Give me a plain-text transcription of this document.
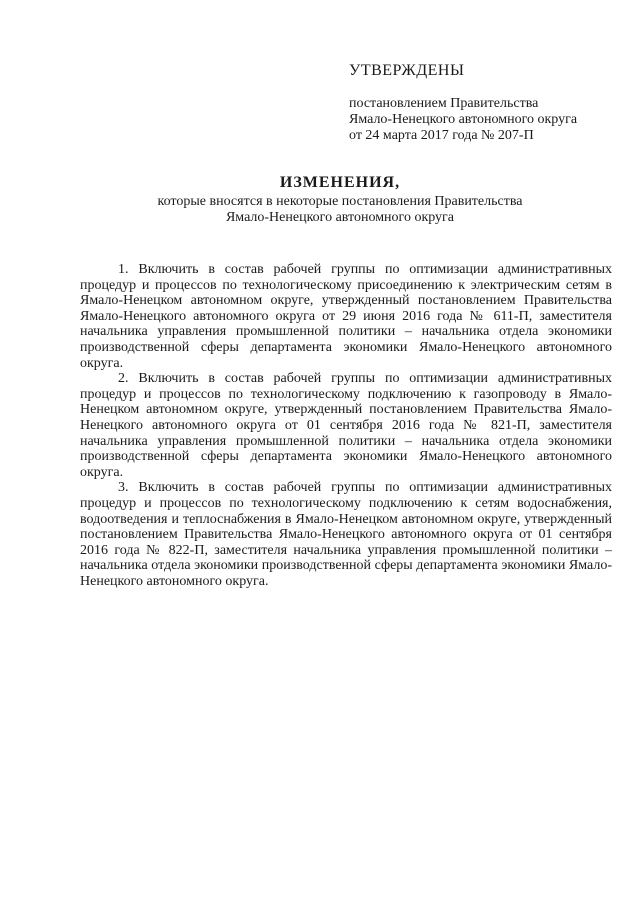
УТВЕРЖДЕНЫ

постановлением Правительства

Ямало-Ненецкого автономного округа

от 24 марта 2017 года № 207-П

ИЗМЕНЕНИЯ,

которые вносятся в некоторые постановления Правительства

Ямало-Ненецкого автономного округа

1. Включить в состав рабочей группы по оптимизации административных процедур и процессов по технологическому присоединению к электрическим сетям в Ямало-Ненецком автономном округе, утвержденный постановлением Правительства Ямало-Ненецкого автономного округа от 29 июня 2016 года № 611-П, заместителя начальника управления промышленной политики – начальника отдела экономики производственной сферы департамента экономики Ямало-Ненецкого автономного округа.

2. Включить в состав рабочей группы по оптимизации административных процедур и процессов по технологическому подключению к газопроводу в Ямало-Ненецком автономном округе, утвержденный постановлением Правительства Ямало-Ненецкого автономного округа от 01 сентября 2016 года № 821-П, заместителя начальника управления промышленной политики – начальника отдела экономики производственной сферы департамента экономики Ямало-Ненецкого автономного округа.

3. Включить в состав рабочей группы по оптимизации административных процедур и процессов по технологическому подключению к сетям водоснабжения, водоотведения и теплоснабжения в Ямало-Ненецком автономном округе, утвержденный постановлением Правительства Ямало-Ненецкого автономного округа от 01 сентября 2016 года № 822-П, заместителя начальника управления промышленной политики – начальника отдела экономики производственной сферы департамента экономики Ямало-Ненецкого автономного округа.
